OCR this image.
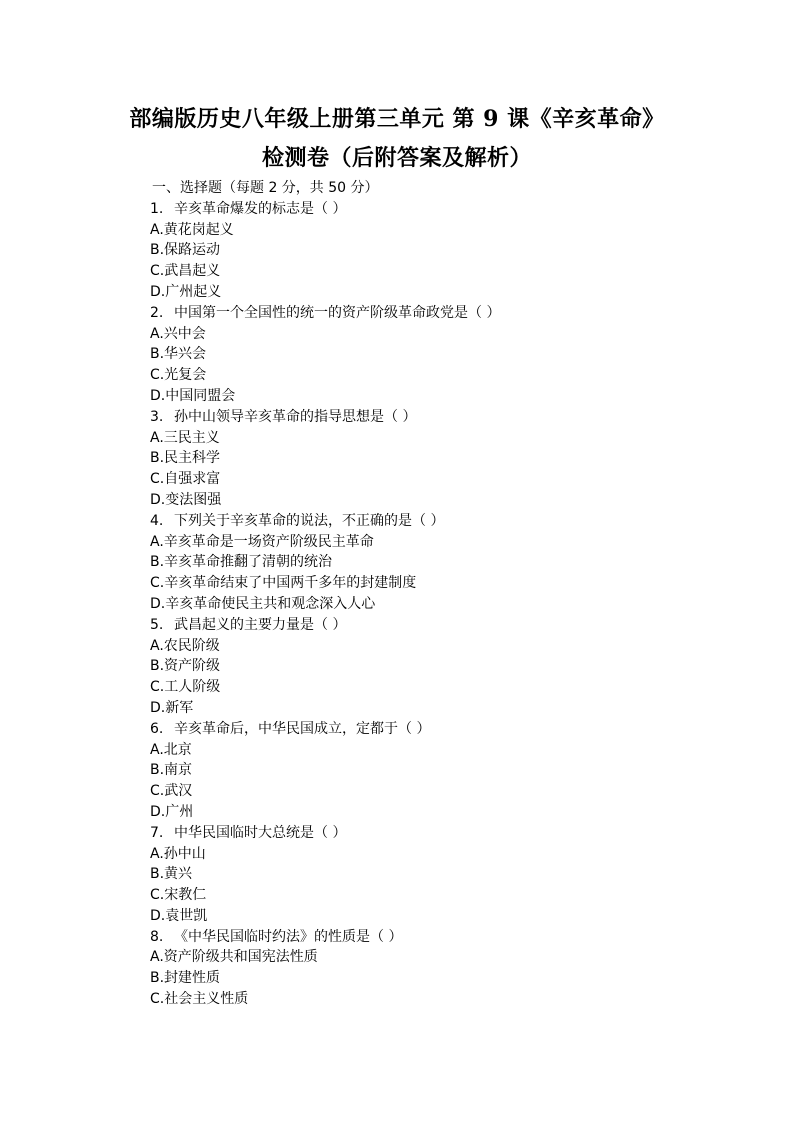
部编版历史八年级上册第三单元 第 9 课《辛亥革命》
检测卷（后附答案及解析）
一、选择题（每题 2 分，共 50 分）
1. 辛亥革命爆发的标志是（ ）
A.黄花岗起义
B.保路运动
C.武昌起义
D.广州起义
2. 中国第一个全国性的统一的资产阶级革命政党是（ ）
A.兴中会
B.华兴会
C.光复会
D.中国同盟会
3. 孙中山领导辛亥革命的指导思想是（ ）
A.三民主义
B.民主科学
C.自强求富
D.变法图强
4. 下列关于辛亥革命的说法，不正确的是（ ）
A.辛亥革命是一场资产阶级民主革命
B.辛亥革命推翻了清朝的统治
C.辛亥革命结束了中国两千多年的封建制度
D.辛亥革命使民主共和观念深入人心
5. 武昌起义的主要力量是（ ）
A.农民阶级
B.资产阶级
C.工人阶级
D.新军
6. 辛亥革命后，中华民国成立，定都于（ ）
A.北京
B.南京
C.武汉
D.广州
7. 中华民国临时大总统是（ ）
A.孙中山
B.黄兴
C.宋教仁
D.袁世凯
8. 《中华民国临时约法》的性质是（ ）
A.资产阶级共和国宪法性质
B.封建性质
C.社会主义性质
